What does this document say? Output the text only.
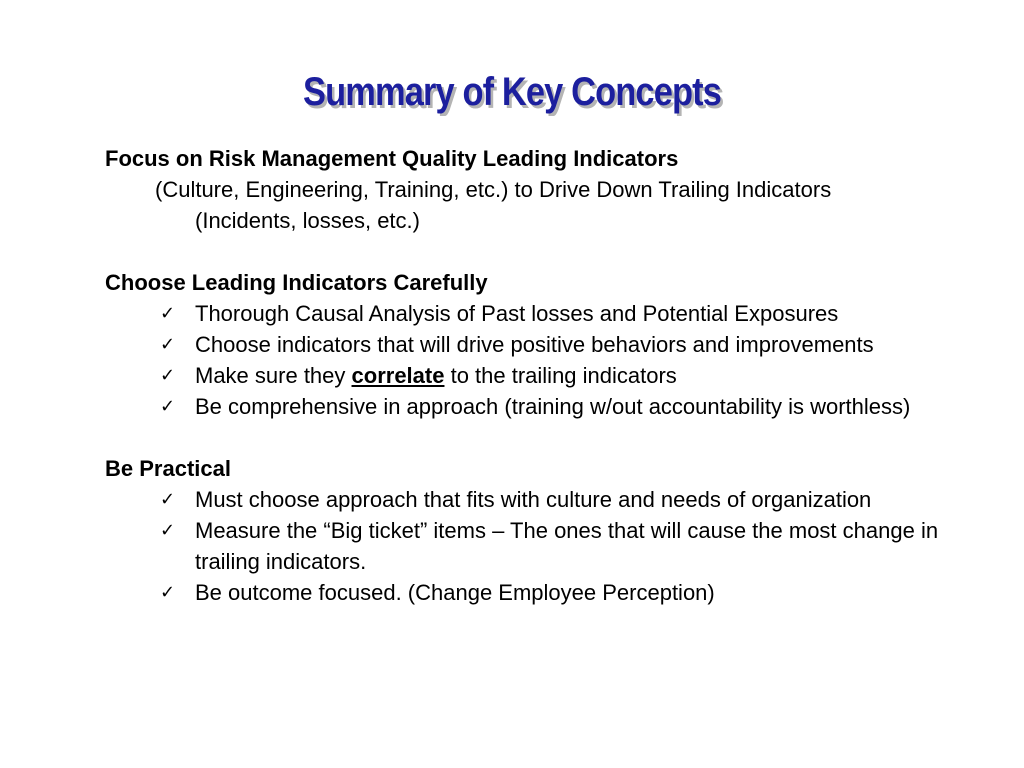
Summary of Key Concepts
Focus on Risk Management Quality Leading Indicators
(Culture, Engineering, Training, etc.) to Drive Down Trailing Indicators
(Incidents, losses, etc.)
Choose Leading Indicators Carefully
✓ Thorough Causal Analysis of Past losses and Potential Exposures
✓ Choose indicators that will drive positive behaviors and improvements
✓ Make sure they correlate to the trailing indicators
✓ Be comprehensive in approach (training w/out accountability is worthless)
Be Practical
✓ Must choose approach that fits with culture and needs of organization
✓ Measure the “Big ticket” items – The ones that will cause the most change in trailing indicators.
✓ Be outcome focused. (Change Employee Perception)
